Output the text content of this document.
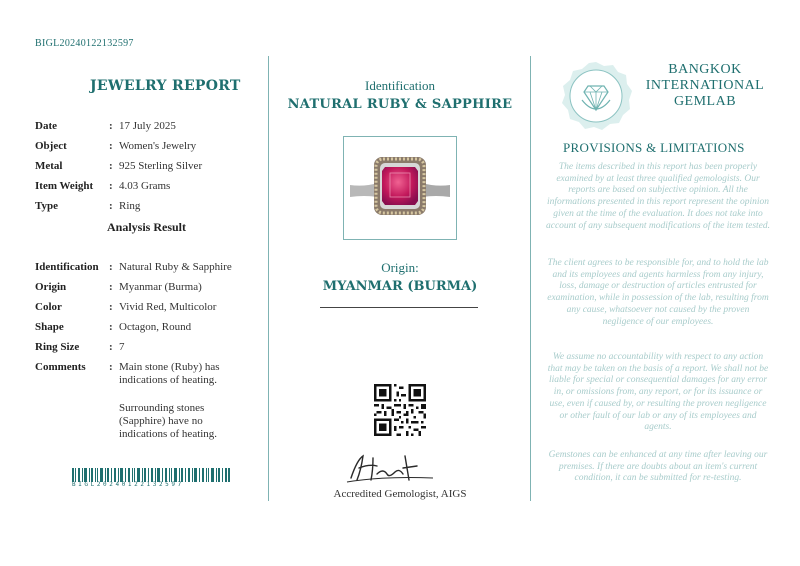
BIGL20240122132597
JEWELRY REPORT
Date	: 17 July 2025
Object	: Women's Jewelry
Metal	: 925 Sterling Silver
Item Weight	: 4.03 Grams
Type	: Ring
Analysis Result
Identification : Natural Ruby & Sapphire
Origin	: Myanmar (Burma)
Color	: Vivid Red, Multicolor
Shape	: Octagon, Round
Ring Size	: 7
Comments	: Main stone (Ruby) has indications of heating.
Surrounding stones (Sapphire) have no indications of heating.
BIGL20240122132597
Identification
NATURAL RUBY & SAPPHIRE
Origin:
MYANMAR (BURMA)
Accredited Gemologist, AIGS
BANGKOK
INTERNATIONAL
GEMLAB
PROVISIONS & LIMITATIONS
The items described in this report has been properly examined by at least three qualified gemologists. Our reports are based on subjective opinion. All the informations presented in this report represent the opinion given at the time of the evaluation. It does not take into account of any subsequent modifications of the item tested.
The client agrees to be responsible for, and to hold the lab and its employees and agents harmless from any injury, loss, damage or destruction of articles entrusted for examination, while in possession of the lab, resulting from any cause, whatsoever not caused by the proven negligence of our employees.
We assume no accountability with respect to any action that may be taken on the basis of a report. We shall not be liable for special or consequential damages for any error in, or omissions from, any report, or for its issuance or use, even if caused by, or resulting the proven negligence or other fault of our lab or any of its employees and agents.
Gemstones can be enhanced at any time after leaving our premises. If there are doubts about an item's current condition, it can be submitted for re-testing.
